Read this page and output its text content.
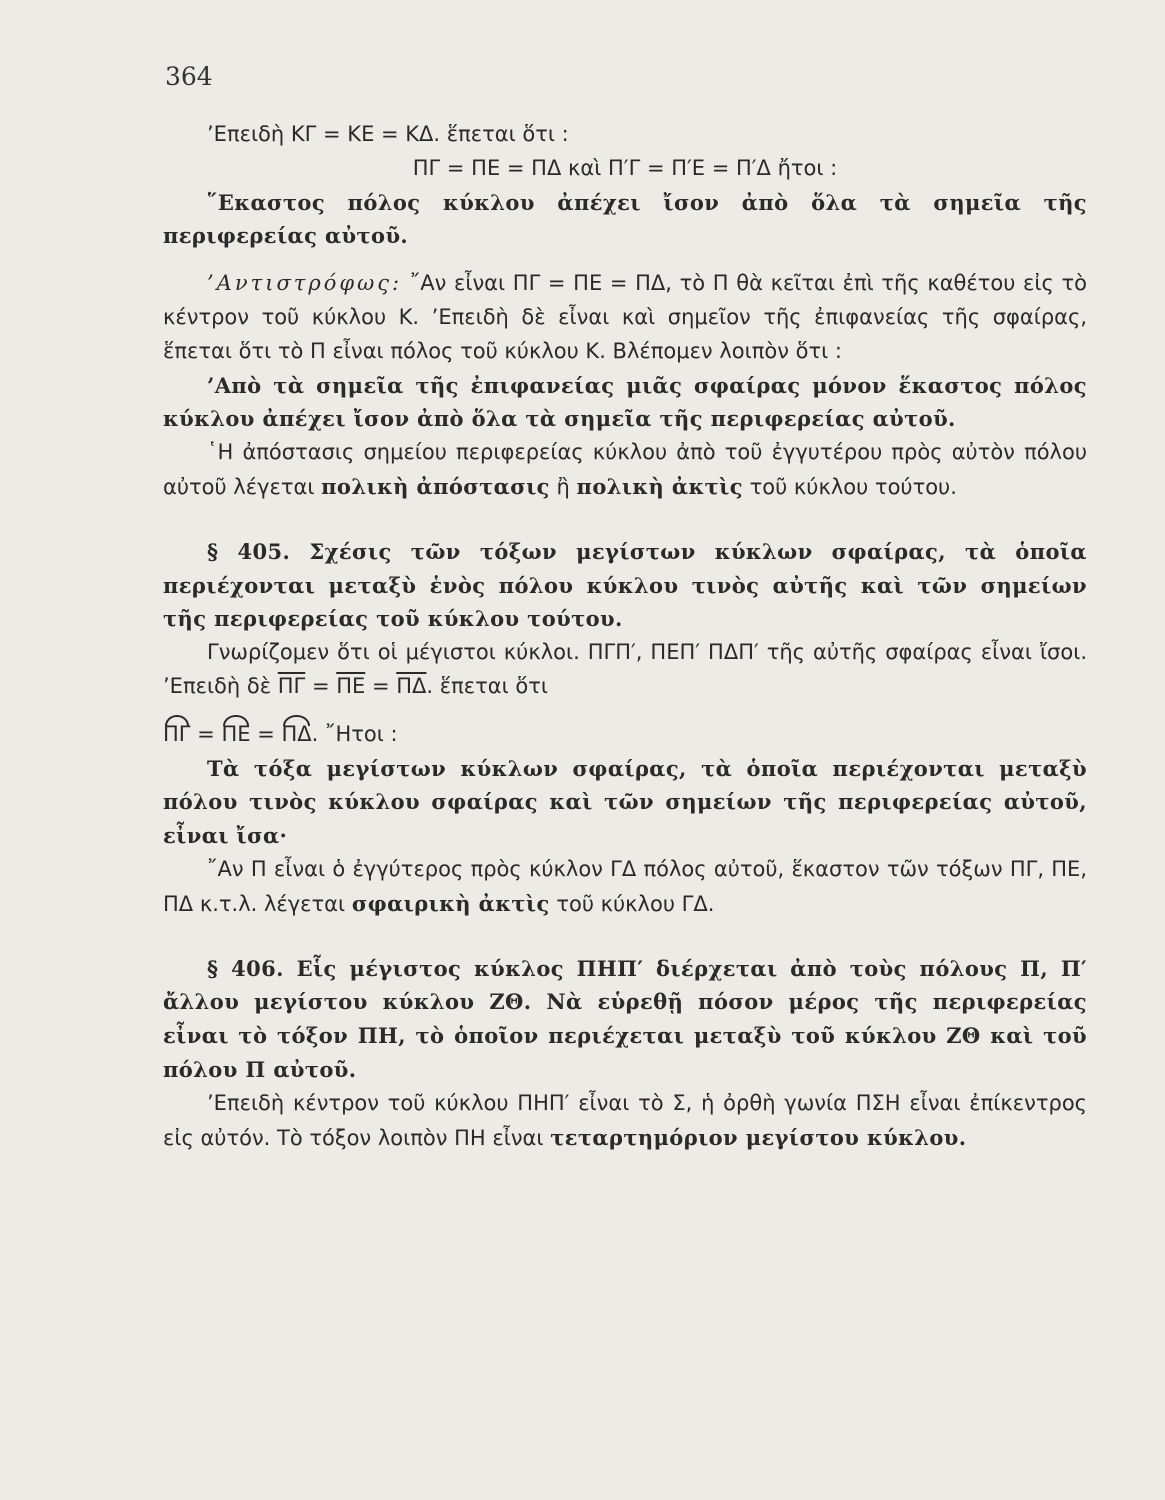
364

’Επειδὴ ΚΓ = ΚΕ = ΚΔ. ἕπεται ὅτι :

ΠΓ = ΠΕ = ΠΔ καὶ Π′Γ = Π′Ε = Π′Δ ἤτοι :

῞Εκαστος πόλος κύκλου ἀπέχει ἴσον ἀπὸ ὅλα τὰ σημεῖα τῆς περιφερείας αὐτοῦ.

’Αντιστρόφως: ῎Αν εἶναι ΠΓ = ΠΕ = ΠΔ, τὸ Π θὰ κεῖται ἐπὶ τῆς καθέτου εἰς τὸ κέντρον τοῦ κύκλου Κ. ’Επειδὴ δὲ εἶναι καὶ σημεῖον τῆς ἐπιφανείας τῆς σφαίρας, ἕπεται ὅτι τὸ Π εἶναι πόλος τοῦ κύκλου Κ. Βλέπομεν λοιπὸν ὅτι :

’Απὸ τὰ σημεῖα τῆς ἐπιφανείας μιᾶς σφαίρας μόνον ἕκαστος πόλος κύκλου ἀπέχει ἴσον ἀπὸ ὅλα τὰ σημεῖα τῆς περιφερείας αὐτοῦ.

῾Η ἀπόστασις σημείου περιφερείας κύκλου ἀπὸ τοῦ ἐγγυτέρου πρὸς αὐτὸν πόλου αὐτοῦ λέγεται πολικὴ ἀπόστασις ἢ πολικὴ ἀκτὶς τοῦ κύκλου τούτου.

§ 405. Σχέσις τῶν τόξων μεγίστων κύκλων σφαίρας, τὰ ὁποῖα περιέχονται μεταξὺ ἑνὸς πόλου κύκλου τινὸς αὐτῆς καὶ τῶν σημείων τῆς περιφερείας τοῦ κύκλου τούτου.

Γνωρίζομεν ὅτι οἱ μέγιστοι κύκλοι. ΠΓΠ′, ΠΕΠ′ ΠΔΠ′ τῆς αὐτῆς σφαίρας εἶναι ἴσοι. ’Επειδὴ δὲ $\overline{\Pi\Gamma} = \overline{\Pi E} = \overline{\Pi\Delta}$. ἕπεται ὅτι

ΠΓ = ΠΕ = ΠΔ. ῎Ητοι :

Τὰ τόξα μεγίστων κύκλων σφαίρας, τὰ ὁποῖα περιέχονται μεταξὺ πόλου τινὸς κύκλου σφαίρας καὶ τῶν σημείων τῆς περιφερείας αὐτοῦ, εἶναι ἴσα·

῎Αν Π εἶναι ὁ ἐγγύτερος πρὸς κύκλον ΓΔ πόλος αὐτοῦ, ἕκαστον τῶν τόξων ΠΓ, ΠΕ, ΠΔ κ.τ.λ. λέγεται σφαιρικὴ ἀκτὶς τοῦ κύκλου ΓΔ.

§ 406. Εἷς μέγιστος κύκλος ΠΗΠ′ διέρχεται ἀπὸ τοὺς πόλους Π, Π′ ἄλλου μεγίστου κύκλου ΖΘ. Νὰ εὑρεθῇ πόσον μέρος τῆς περιφερείας εἶναι τὸ τόξον ΠΗ, τὸ ὁποῖον περιέχεται μεταξὺ τοῦ κύκλου ΖΘ καὶ τοῦ πόλου Π αὐτοῦ.

’Επειδὴ κέντρον τοῦ κύκλου ΠΗΠ′ εἶναι τὸ Σ, ἡ ὀρθὴ γωνία ΠΣΗ εἶναι ἐπίκεντρος εἰς αὐτόν. Τὸ τόξον λοιπὸν ΠΗ εἶναι τεταρτημόριον μεγίστου κύκλου.
